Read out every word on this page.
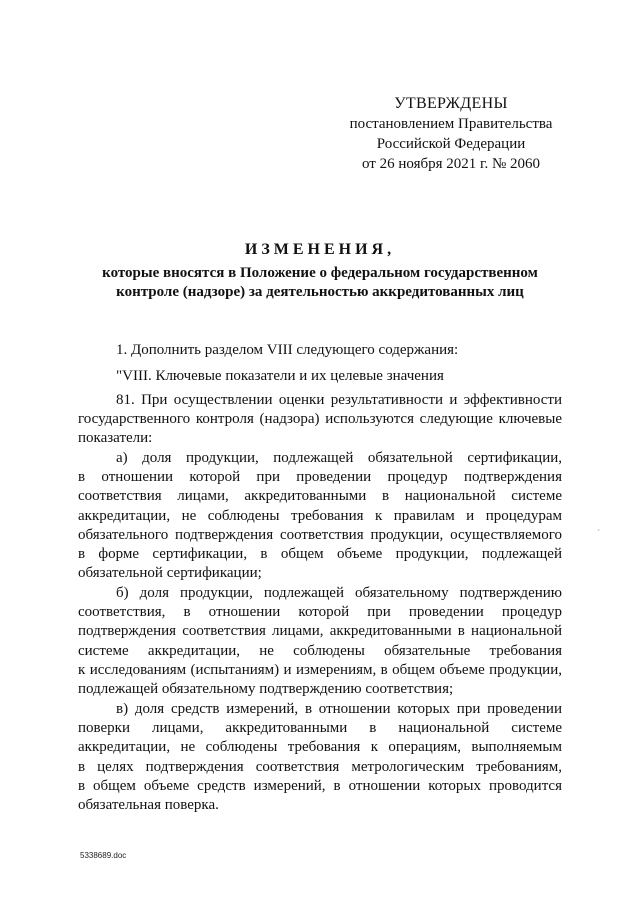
УТВЕРЖДЕНЫ
постановлением Правительства
Российской Федерации
от 26 ноября 2021 г. № 2060
ИЗМЕНЕНИЯ,
которые вносятся в Положение о федеральном государственном
контроле (надзоре) за деятельностью аккредитованных лиц

1. Дополнить разделом VIII следующего содержания:

"VIII. Ключевые показатели и их целевые значения

81. При осуществлении оценки результативности и эффективности
государственного контроля (надзора) используются следующие ключевые
показатели:
а) доля продукции, подлежащей обязательной сертификации,
в отношении которой при проведении процедур подтверждения
соответствия лицами, аккредитованными в национальной системе
аккредитации, не соблюдены требования к правилам и процедурам
обязательного подтверждения соответствия продукции, осуществляемого
в форме сертификации, в общем объеме продукции, подлежащей
обязательной сертификации;
б) доля продукции, подлежащей обязательному подтверждению
соответствия, в отношении которой при проведении процедур
подтверждения соответствия лицами, аккредитованными в национальной
системе аккредитации, не соблюдены обязательные требования
к исследованиям (испытаниям) и измерениям, в общем объеме продукции,
подлежащей обязательному подтверждению соответствия;
в) доля средств измерений, в отношении которых при проведении
поверки лицами, аккредитованными в национальной системе
аккредитации, не соблюдены требования к операциям, выполняемым
в целях подтверждения соответствия метрологическим требованиям,
в общем объеме средств измерений, в отношении которых проводится
обязательная поверка.
´
5338689.doc
